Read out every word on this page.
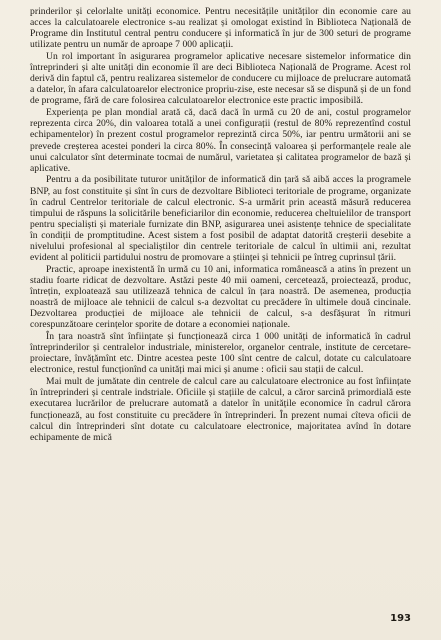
prinderilor și celorlalte unități economice. Pentru necesitățile unităților din economie care au acces la calculatoarele electronice s-au realizat și omologat existind în Biblioteca Națională de Programe din Institutul central pentru conducere și informatică în jur de 300 seturi de programe utilizate pentru un număr de aproape 7 000 aplicații.

Un rol important în asigurarea programelor aplicative necesare sistemelor informatice din întreprinderi și alte unități din economie îl are deci Biblioteca Națională de Programe. Acest rol derivă din faptul că, pentru realizarea sistemelor de conducere cu mijloace de prelucrare automată a datelor, în afara calculatoarelor electronice propriu-zise, este necesar să se dispună și de un fond de programe, fără de care folosirea calculatoarelor electronice este practic imposibilă.

Experiența pe plan mondial arată că, dacă dacă în urmă cu 20 de ani, costul programelor reprezenta circa 20%, din valoarea totală a unei configurații (restul de 80% reprezentînd costul echipamentelor) în prezent costul programelor reprezintă circa 50%, iar pentru următorii ani se prevede creșterea acestei ponderi la circa 80%. În consecință valoarea și performanțele reale ale unui calculator sînt determinate tocmai de numărul, varietatea și calitatea programelor de bază și aplicative.

Pentru a da posibilitate tuturor unităților de informatică din țară să aibă acces la programele BNP, au fost constituite și sînt în curs de dezvoltare Biblioteci teritoriale de programe, organizate în cadrul Centrelor teritoriale de calcul electronic. S-a urmărit prin această măsură reducerea timpului de răspuns la solicitările beneficiarilor din economie, reducerea cheltuielilor de transport pentru specialiști și materiale furnizate din BNP, asigurarea unei asistențe tehnice de specialitate în condiții de promptitudine. Acest sistem a fost posibil de adaptat datorită creșterii desebite a nivelului profesional al specialiștilor din centrele teritoriale de calcul în ultimii ani, rezultat evident al politicii partidului nostru de promovare a științei și tehnicii pe întreg cuprinsul țării.

Practic, aproape inexistentă în urmă cu 10 ani, informatica românească a atins în prezent un stadiu foarte ridicat de dezvoltare. Astăzi peste 40 mii oameni, cercetează, proiectează, produc, întrețin, exploatează sau utilizează tehnica de calcul în țara noastră. De asemenea, producția noastră de mijloace ale tehnicii de calcul s-a dezvoltat cu precădere în ultimele două cincinale. Dezvoltarea producției de mijloace ale tehnicii de calcul, s-a desfășurat în ritmuri corespunzătoare cerințelor sporite de dotare a economiei naționale.

În țara noastră sînt înființate și funcționează circa 1 000 unități de informatică în cadrul întreprinderilor și centralelor industriale, ministerelor, organelor centrale, institute de cercetare-proiectare, învățămînt etc. Dintre acestea peste 100 sînt centre de calcul, dotate cu calculatoare electronice, restul funcționînd ca unități mai mici și anume : oficii sau stații de calcul.

Mai mult de jumătate din centrele de calcul care au calculatoare electronice au fost înființate în întreprinderi și centrale indstriale. Oficiile și stațiile de calcul, a căror sarcină primordială este executarea lucrărilor de prelucrare automată a datelor în unitățile economice în cadrul cărora funcționează, au fost constituite cu precădere în întreprinderi. În prezent numai cîteva oficii de calcul din întreprinderi sînt dotate cu calculatoare electronice, majoritatea avînd în dotare echipamente de mică

193
